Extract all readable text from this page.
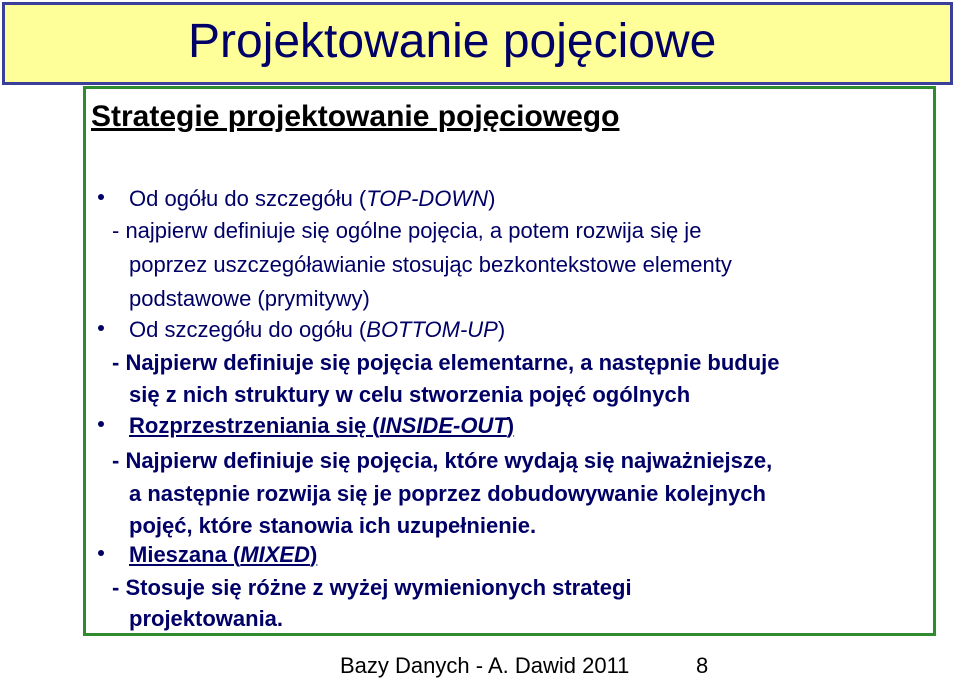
Projektowanie pojęciowe
Strategie projektowanie pojęciowego
Od ogółu do szczegółu (TOP-DOWN)
- najpierw definiuje się ogólne pojęcia, a potem rozwija się je
poprzez uszczegóławianie stosując bezkontekstowe elementy
podstawowe (prymitywy)
Od szczegółu do ogółu (BOTTOM-UP)
- Najpierw definiuje się pojęcia elementarne, a następnie buduje
się z nich struktury w celu stworzenia pojęć ogólnych
Rozprzestrzeniania się (INSIDE-OUT)
- Najpierw definiuje się pojęcia, które wydają się najważniejsze,
a następnie rozwija się je poprzez dobudowywanie kolejnych
pojęć, które stanowia ich uzupełnienie.
Mieszana (MIXED)
- Stosuje się różne z wyżej wymienionych strategi
projektowania.
Bazy Danych - A. Dawid 2011	8
